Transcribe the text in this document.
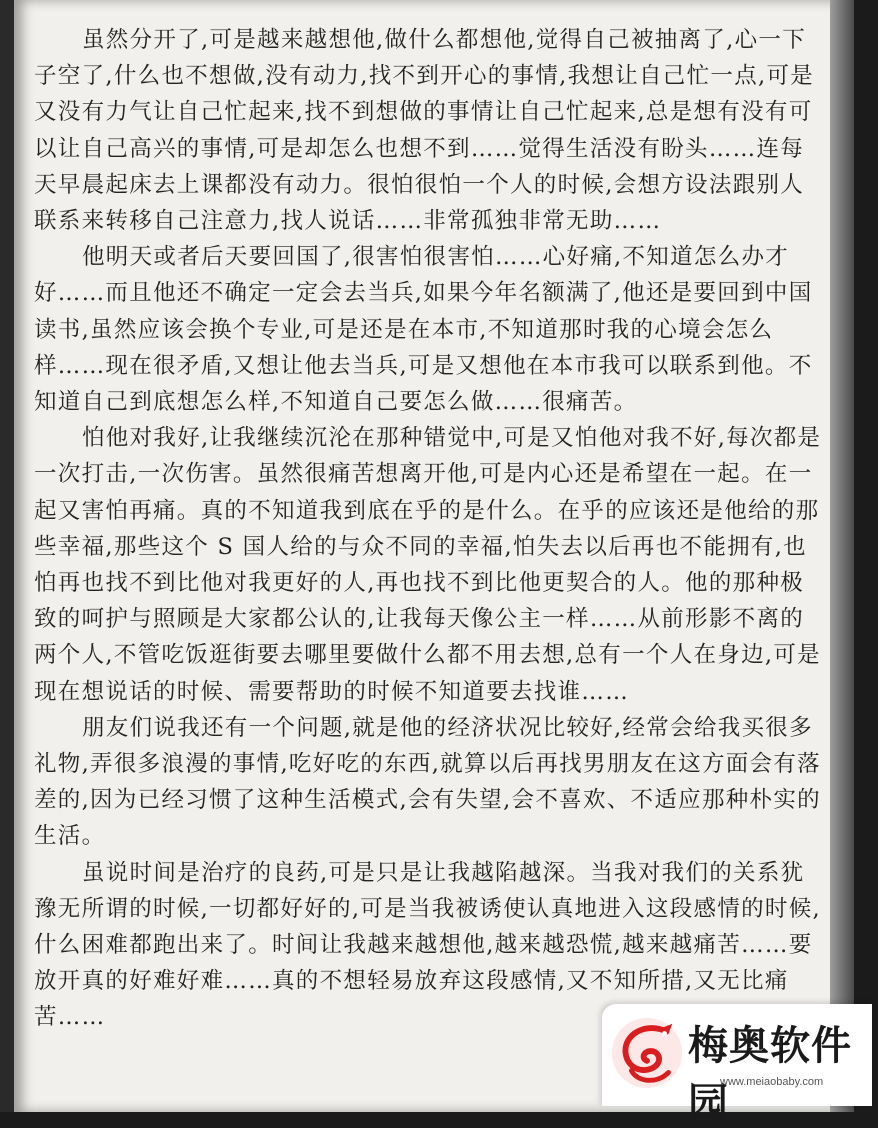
虽然分开了,可是越来越想他,做什么都想他,觉得自己被抽离了,心一下子空了,什么也不想做,没有动力,找不到开心的事情,我想让自己忙一点,可是又没有力气让自己忙起来,找不到想做的事情让自己忙起来,总是想有没有可以让自己高兴的事情,可是却怎么也想不到……觉得生活没有盼头……连每天早晨起床去上课都没有动力。很怕很怕一个人的时候,会想方设法跟别人联系来转移自己注意力,找人说话……非常孤独非常无助……

他明天或者后天要回国了,很害怕很害怕……心好痛,不知道怎么办才好……而且他还不确定一定会去当兵,如果今年名额满了,他还是要回到中国读书,虽然应该会换个专业,可是还是在本市,不知道那时我的心境会怎么样……现在很矛盾,又想让他去当兵,可是又想他在本市我可以联系到他。不知道自己到底想怎么样,不知道自己要怎么做……很痛苦。

怕他对我好,让我继续沉沦在那种错觉中,可是又怕他对我不好,每次都是一次打击,一次伤害。虽然很痛苦想离开他,可是内心还是希望在一起。在一起又害怕再痛。真的不知道我到底在乎的是什么。在乎的应该还是他给的那些幸福,那些这个 S 国人给的与众不同的幸福,怕失去以后再也不能拥有,也怕再也找不到比他对我更好的人,再也找不到比他更契合的人。他的那种极致的呵护与照顾是大家都公认的,让我每天像公主一样……从前形影不离的两个人,不管吃饭逛街要去哪里要做什么都不用去想,总有一个人在身边,可是现在想说话的时候、需要帮助的时候不知道要去找谁……

朋友们说我还有一个问题,就是他的经济状况比较好,经常会给我买很多礼物,弄很多浪漫的事情,吃好吃的东西,就算以后再找男朋友在这方面会有落差的,因为已经习惯了这种生活模式,会有失望,会不喜欢、不适应那种朴实的生活。

虽说时间是治疗的良药,可是只是让我越陷越深。当我对我们的关系犹豫无所谓的时候,一切都好好的,可是当我被诱使认真地进入这段感情的时候,什么困难都跑出来了。时间让我越来越想他,越来越恐慌,越来越痛苦……要放开真的好难好难……真的不想轻易放弃这段感情,又不知所措,又无比痛苦……

梅奥软件园
www.meiaobaby.com
